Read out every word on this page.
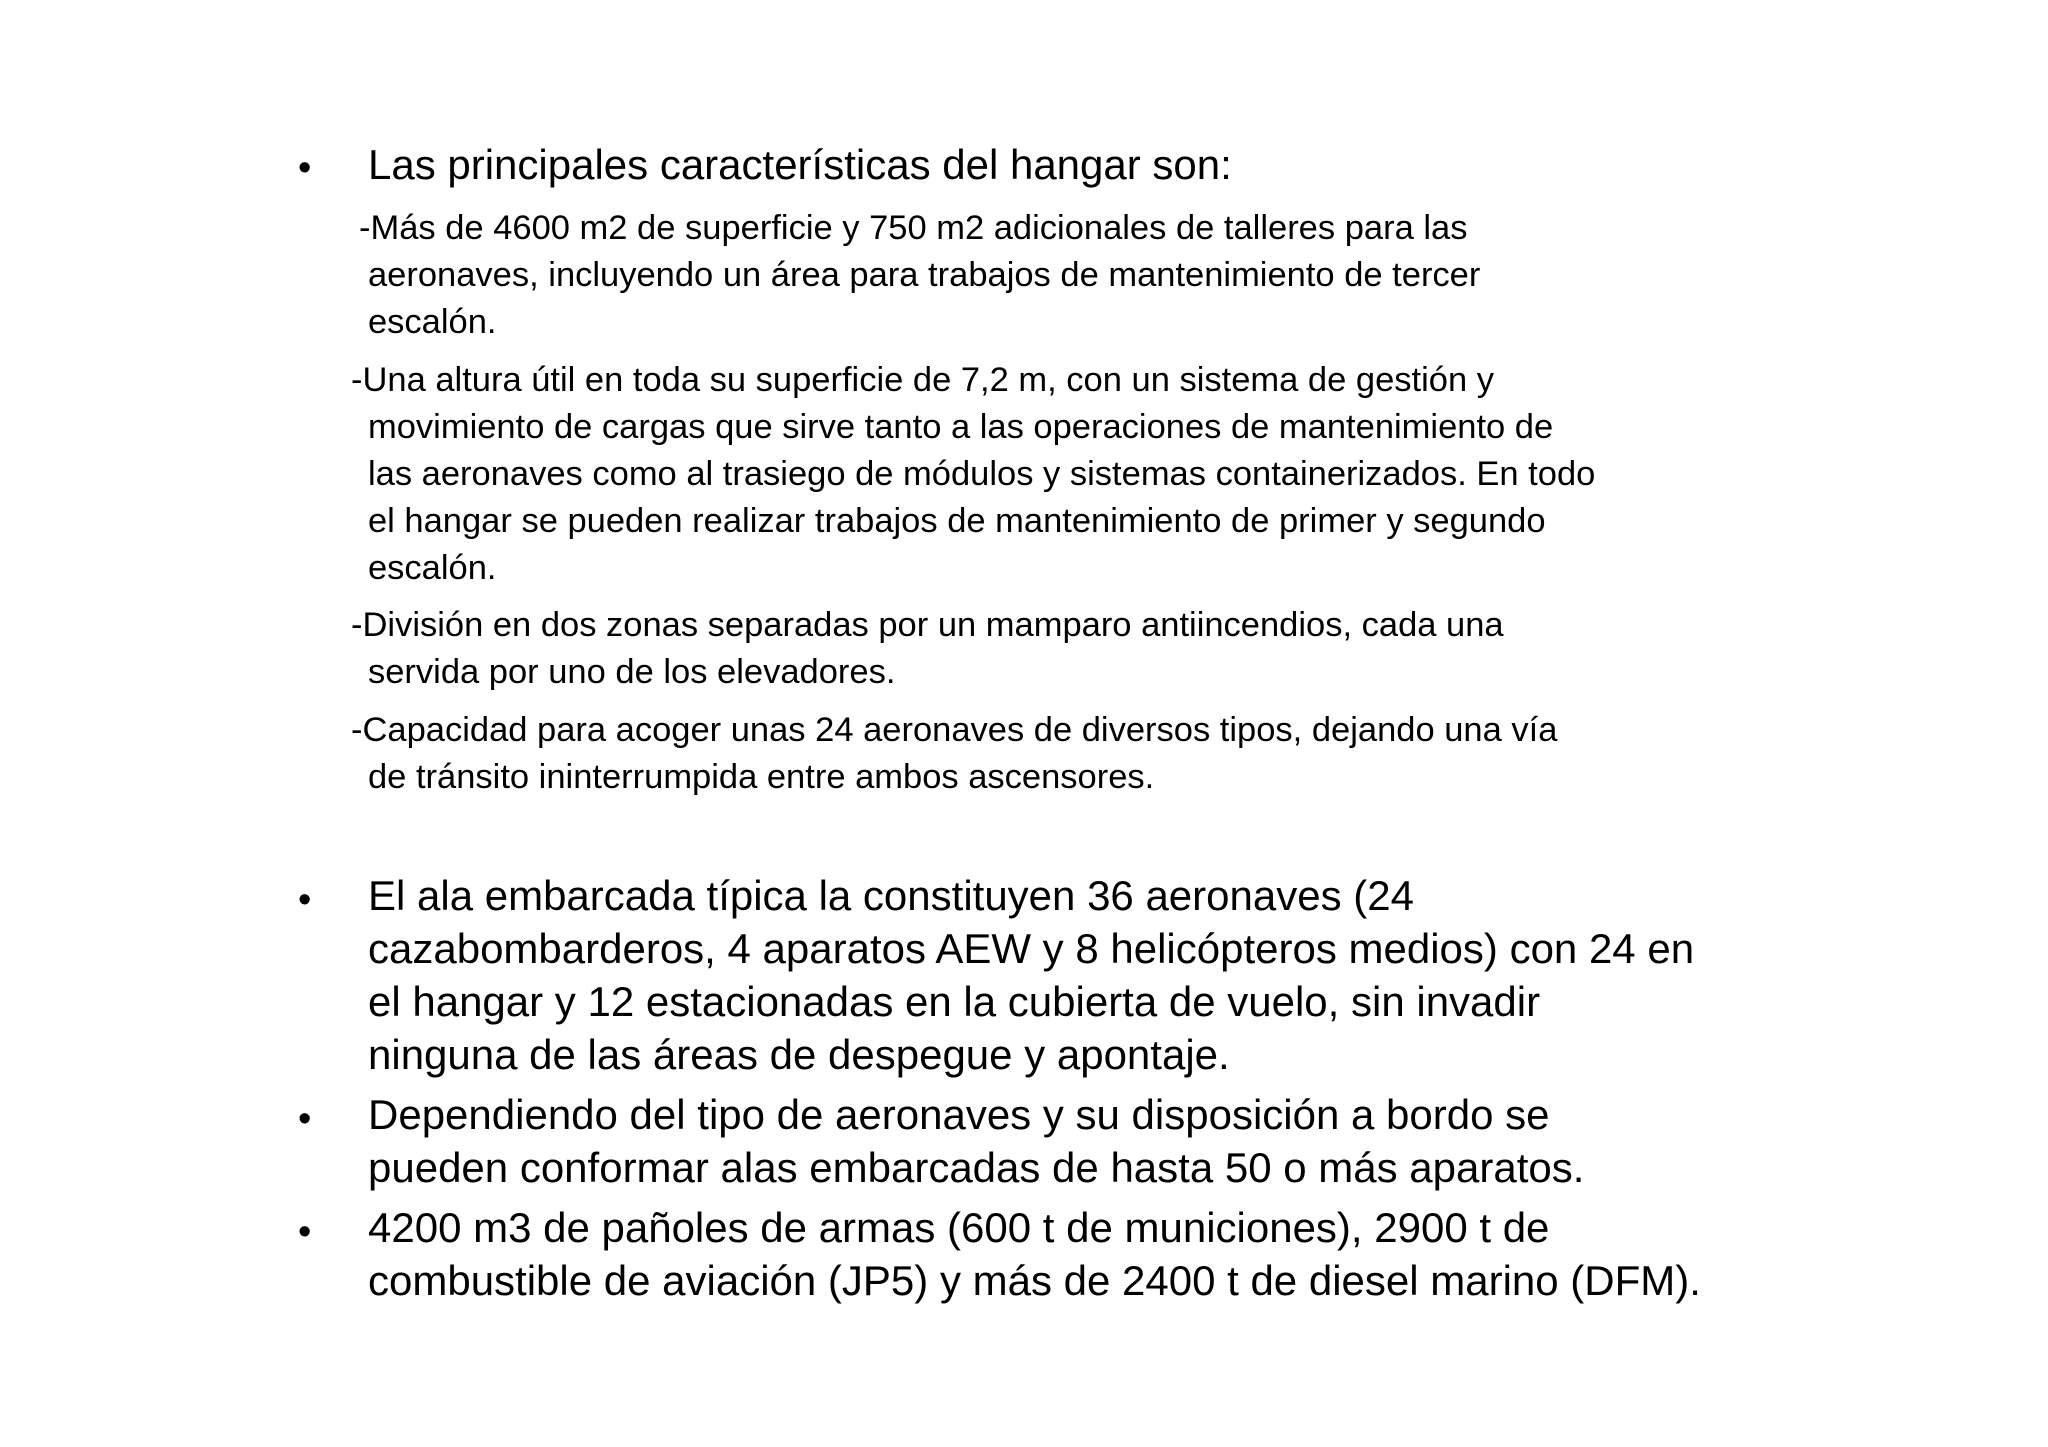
• Las principales características del hangar son:
-Más de 4600 m2 de superficie y 750 m2 adicionales de talleres para las
aeronaves, incluyendo un área para trabajos de mantenimiento de tercer
escalón.
-Una altura útil en toda su superficie de 7,2 m, con un sistema de gestión y
movimiento de cargas que sirve tanto a las operaciones de mantenimiento de
las aeronaves como al trasiego de módulos y sistemas containerizados. En todo
el hangar se pueden realizar trabajos de mantenimiento de primer y segundo
escalón.
-División en dos zonas separadas por un mamparo antiincendios, cada una
servida por uno de los elevadores.
-Capacidad para acoger unas 24 aeronaves de diversos tipos, dejando una vía
de tránsito ininterrumpida entre ambos ascensores.
• El ala embarcada típica la constituyen 36 aeronaves (24
cazabombarderos, 4 aparatos AEW y 8 helicópteros medios) con 24 en
el hangar y 12 estacionadas en la cubierta de vuelo, sin invadir
ninguna de las áreas de despegue y apontaje.
• Dependiendo del tipo de aeronaves y su disposición a bordo se
pueden conformar alas embarcadas de hasta 50 o más aparatos.
• 4200 m3 de pañoles de armas (600 t de municiones), 2900 t de
combustible de aviación (JP5) y más de 2400 t de diesel marino (DFM).
